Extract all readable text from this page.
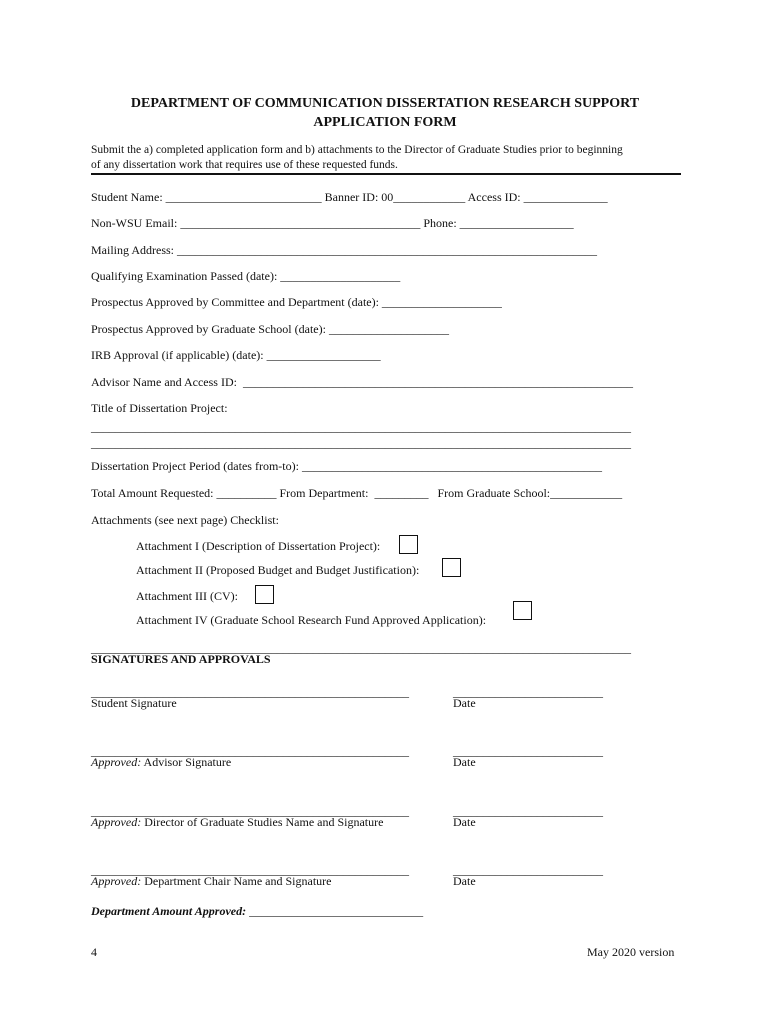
DEPARTMENT OF COMMUNICATION DISSERTATION RESEARCH SUPPORT
APPLICATION FORM
Submit the a) completed application form and b) attachments to the Director of Graduate Studies prior to beginning
of any dissertation work that requires use of these requested funds.
Student Name: __________________________ Banner ID: 00____________ Access ID: ______________
Non-WSU Email: ________________________________________ Phone: ___________________
Mailing Address: ______________________________________________________________________
Qualifying Examination Passed (date): ____________________
Prospectus Approved by Committee and Department (date): ____________________
Prospectus Approved by Graduate School (date): ____________________
IRB Approval (if applicable) (date): ___________________
Advisor Name and Access ID:  _________________________________________________________________
Title of Dissertation Project:
__________________________________________________________________________________________
__________________________________________________________________________________________
Dissertation Project Period (dates from-to): __________________________________________________
Total Amount Requested: __________ From Department:  _________   From Graduate School:____________
Attachments (see next page) Checklist:
Attachment I (Description of Dissertation Project):
Attachment II (Proposed Budget and Budget Justification):
Attachment III (CV):
Attachment IV (Graduate School Research Fund Approved Application):
__________________________________________________________________________________________
SIGNATURES AND APPROVALS
_____________________________________________________	_________________________
Student Signature	Date
_____________________________________________________	_________________________
Approved: Advisor Signature	Date
_____________________________________________________	_________________________
Approved: Director of Graduate Studies Name and Signature	Date
_____________________________________________________	_________________________
Approved: Department Chair Name and Signature	Date
Department Amount Approved: _____________________________
4	May 2020 version
